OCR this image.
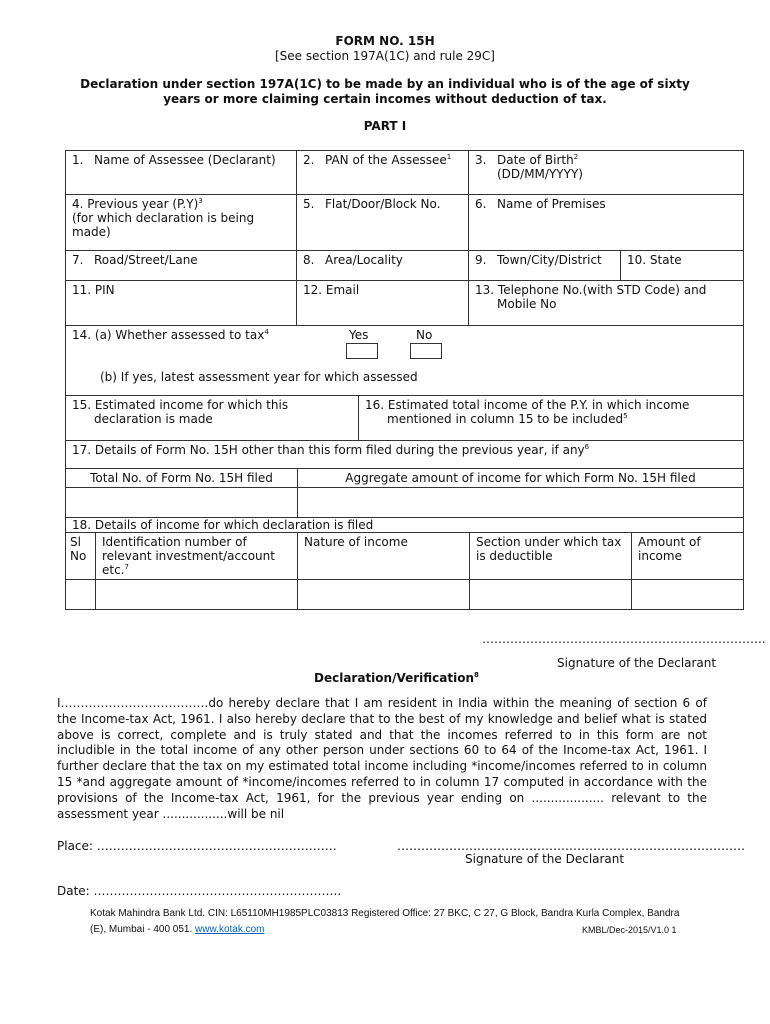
FORM NO. 15H
[See section 197A(1C) and rule 29C]
Declaration under section 197A(1C) to be made by an individual who is of the age of sixty
years or more claiming certain incomes without deduction of tax.
PART I
1. Name of Assessee (Declarant)	2. PAN of the Assessee$^1$	3. Date of Birth$^2$
(DD/MM/YYYY)	
4. Previous year $(P.Y)^3$
(for which declaration is being
made)	5. Flat/Door/Block No.	6. Name of Premises	
7. Road/Street/Lane	8. Area/Locality	9. Town/City/District	10. State
11. PIN	12. Email	13. Telephone No.(with STD Code) and
Mobile No	
14. (a) Whether assessed to tax$^4$ Yes No
(b) If yes, latest assessment year for which assessed					

15. Estimated income for which this
declaration is made			16. Estimated total income of the P.Y. in which income
mentioned in column 15 to be included$^5$
17. Details of Form No. 15H other than this form filed during the previous year, if any$^6$
Total No. of Form No. 15H filed		Aggregate amount of income for which Form No. 15H filed			

18. Details of income for which declaration is filed					
Sl
No	Identification number of
relevant investment/account
etc.$^7$	Nature of income		Section under which tax
is deductible	Amount of
income

……………………………………………………………..
Signature of the Declarant
Declaration/Verification$^8$

I……………………………….do hereby declare that I am resident in India within the meaning of section 6 of the Income-tax Act, 1961. I also hereby declare that to the best of my knowledge and belief what is stated above is correct, complete and is truly stated and that the incomes referred to in this form are not includible in the total income of any other person under sections 60 to 64 of the Income-tax Act, 1961. I further declare that the tax on my estimated total income including *income/incomes referred to in column 15 *and aggregate amount of *income/incomes referred to in column 17 computed in accordance with the provisions of the Income-tax Act, 1961, for the previous year ending on ................... relevant to the assessment year .................will be nil

Place: ……………………………………………………	……………………………………………………………………………
Signature of the Declarant
Date: ……………………………………………………..
Kotak Mahindra Bank Ltd. CIN: L65110MH1985PLC03813 Registered Office: 27 BKC, C 27, G Block, Bandra Kurla Complex, Bandra
(E), Mumbai - 400 051. www.kotak.com	KMBL/Dec-2015/V1.0 1
